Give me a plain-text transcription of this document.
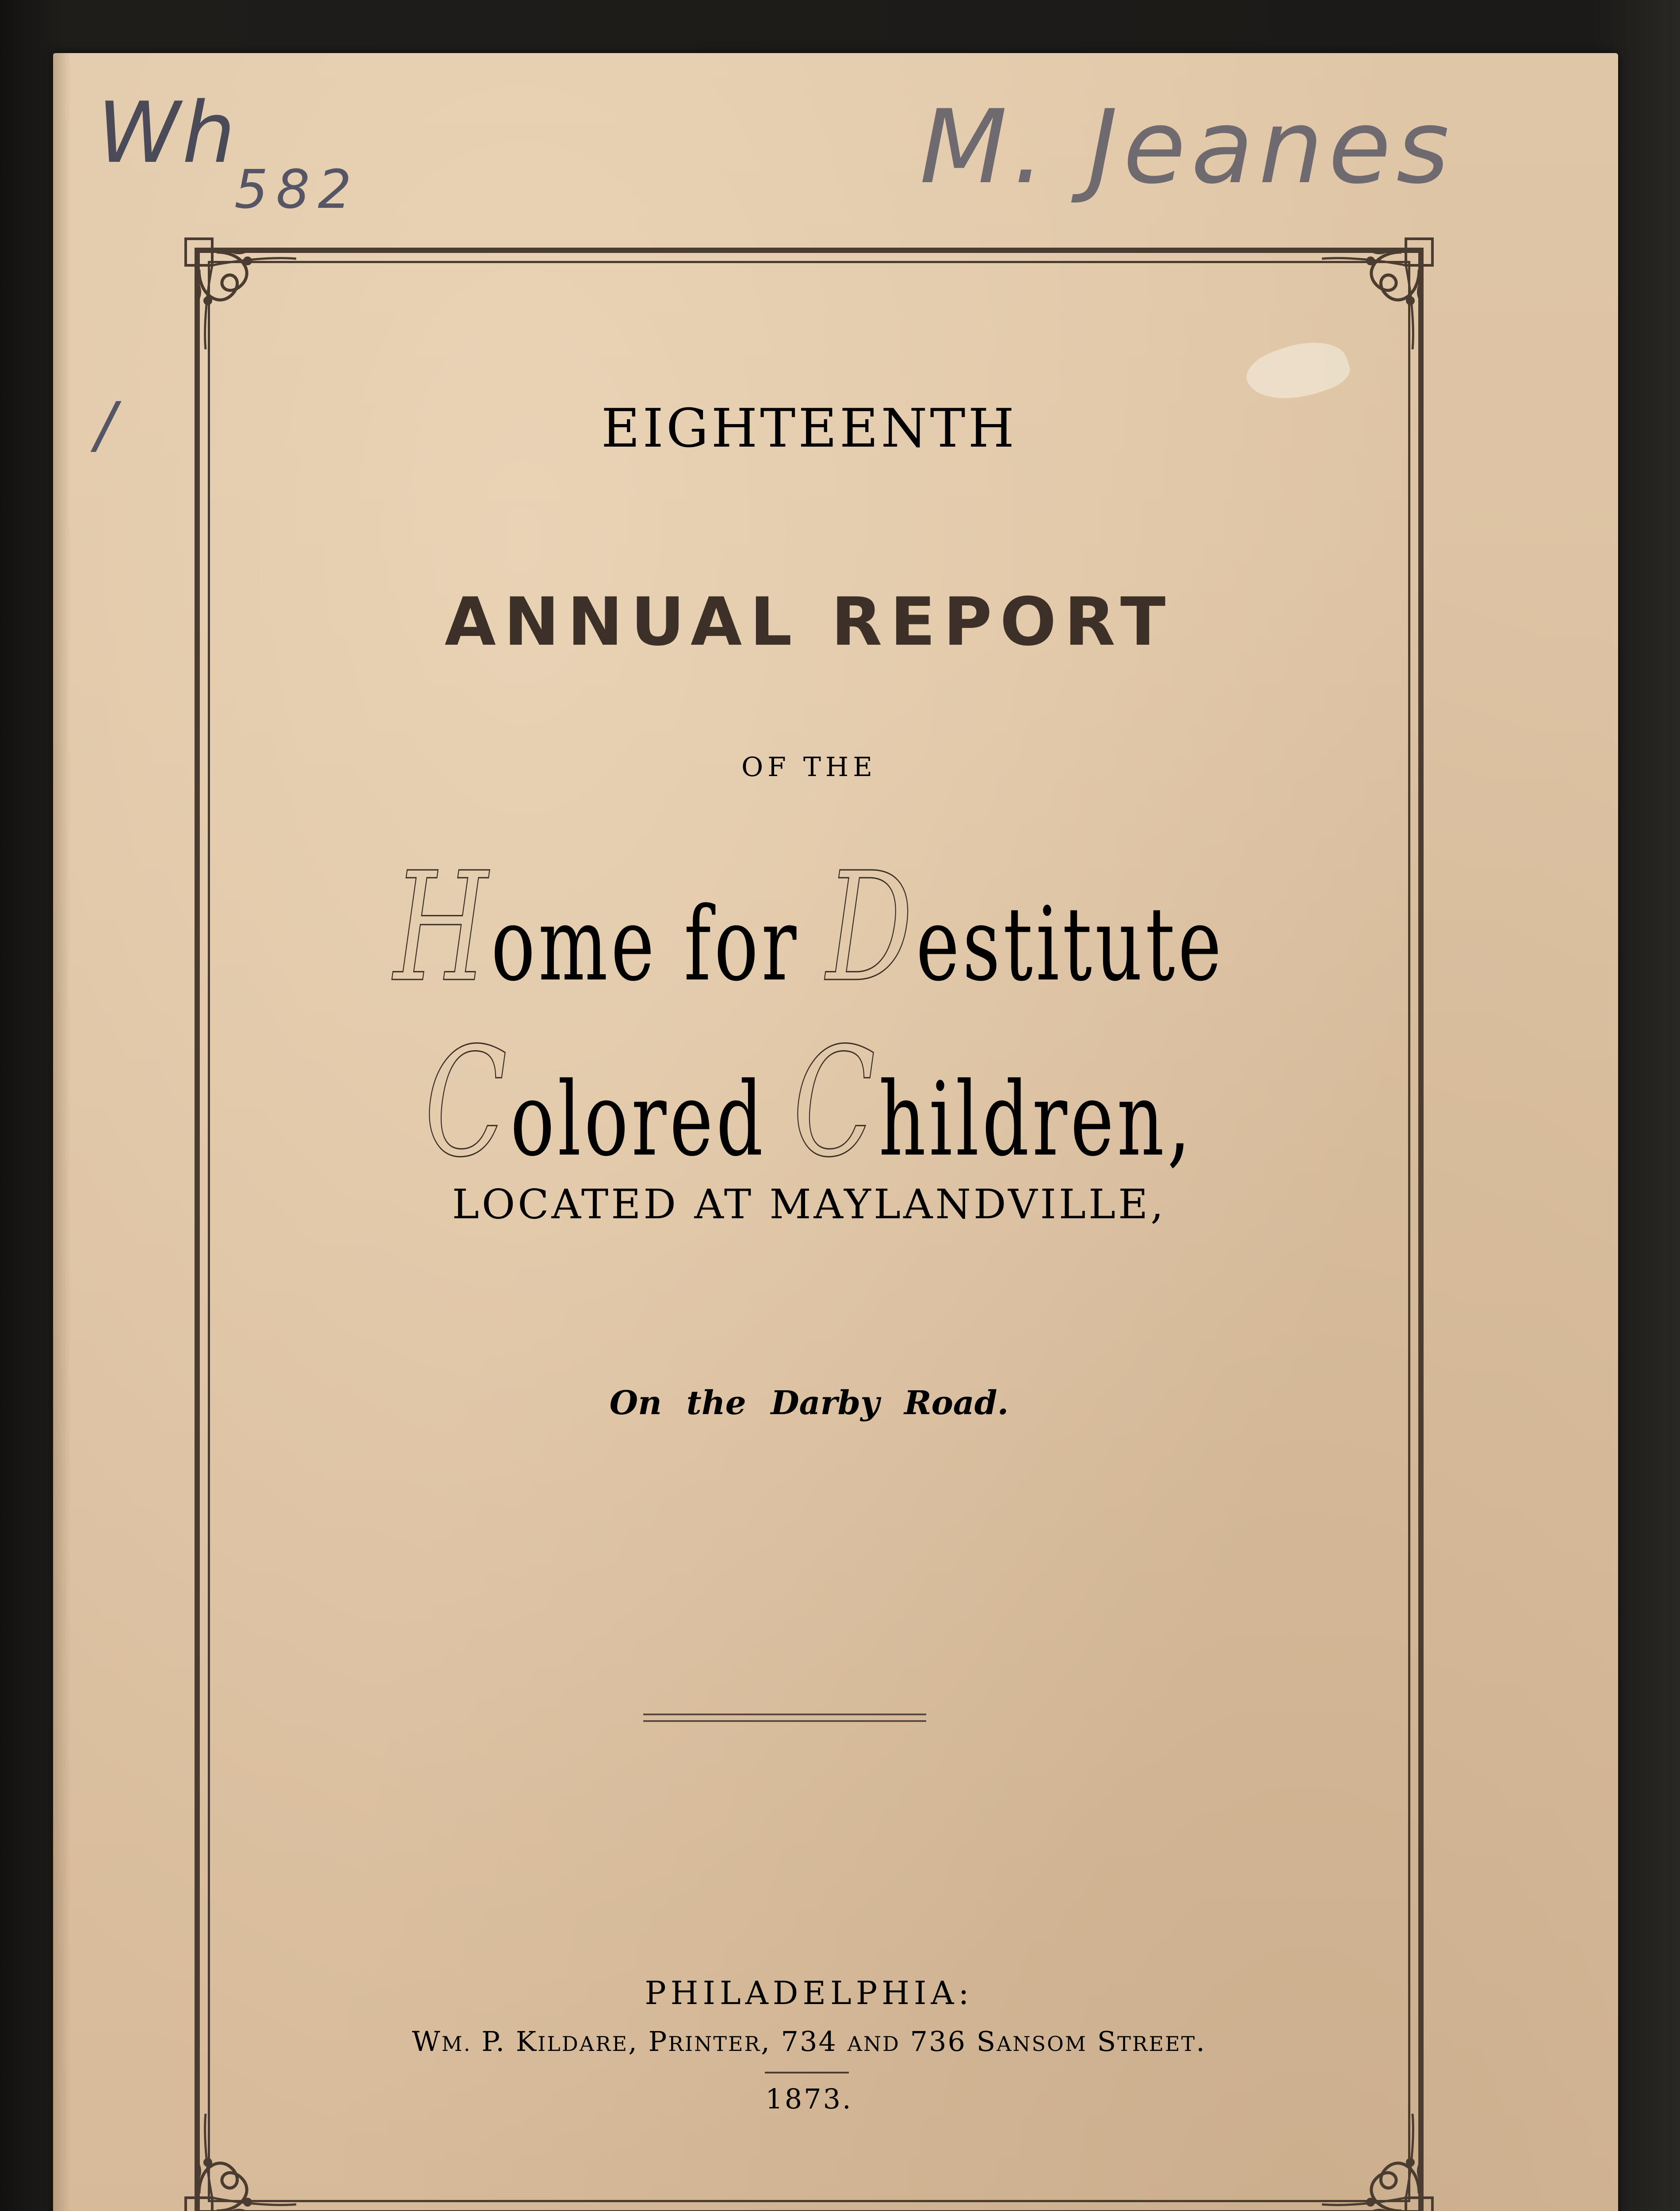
Wh
582	M. Jeanes
/	EIGHTEENTH
ANNUAL REPORT
OF THE
Home for Destitute Colored Children,
LOCATED AT MAYLANDVILLE,
On the Darby Road.
PHILADELPHIA:
WM. P. KILDARE, PRINTER, 734 AND 736 SANSOM STREET.
1873.
